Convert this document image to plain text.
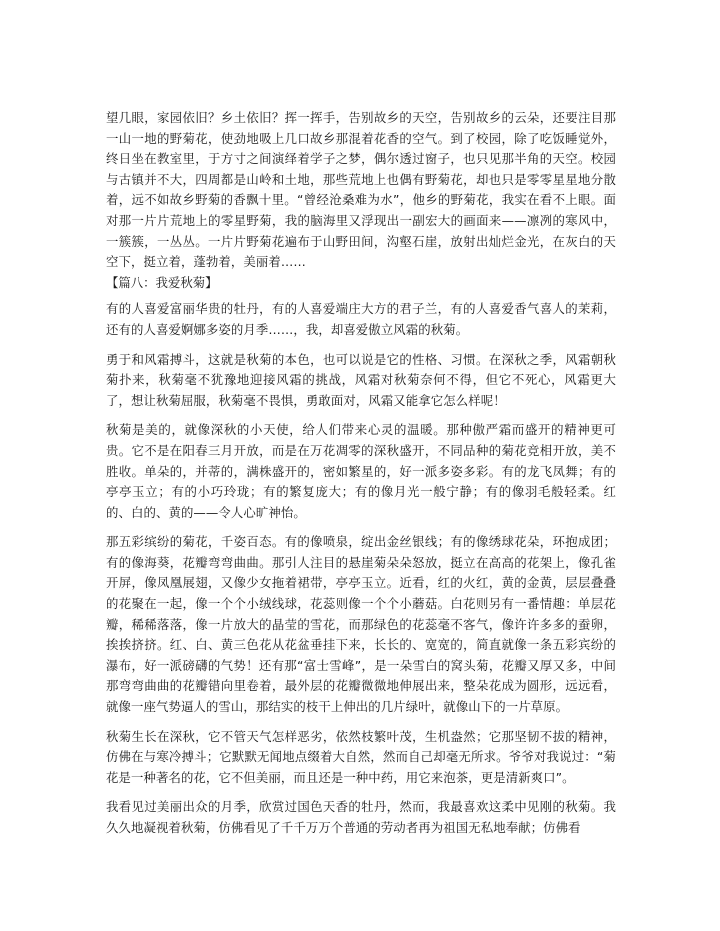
望几眼，家园依旧？乡土依旧？挥一挥手，告别故乡的天空，告别故乡的云朵，还要注目那一山一地的野菊花，使劲地吸上几口故乡那混着花香的空气。到了校园，除了吃饭睡觉外，终日坐在教室里，于方寸之间演绎着学子之梦，偶尔透过窗子，也只见那半角的天空。校园与古镇并不大，四周都是山岭和土地，那些荒地上也偶有野菊花，却也只是零零星星地分散着，远不如故乡野菊的香飘十里。“曾经沧桑难为水”，他乡的野菊花，我实在看不上眼。面对那一片片荒地上的零星野菊，我的脑海里又浮现出一副宏大的画面来——凛冽的寒风中，一簇簇，一丛丛。一片片野菊花遍布于山野田间，沟壑石崖，放射出灿烂金光，在灰白的天空下，挺立着，蓬勃着，美丽着……

【篇八：我爱秋菊】

有的人喜爱富丽华贵的牡丹，有的人喜爱端庄大方的君子兰，有的人喜爱香气喜人的茉莉，还有的人喜爱婀娜多姿的月季……，我，却喜爱傲立风霜的秋菊。

勇于和风霜搏斗，这就是秋菊的本色，也可以说是它的性格、习惯。在深秋之季，风霜朝秋菊扑来，秋菊毫不犹豫地迎接风霜的挑战，风霜对秋菊奈何不得，但它不死心，风霜更大了，想让秋菊屈服，秋菊毫不畏惧，勇敢面对，风霜又能拿它怎么样呢！

秋菊是美的，就像深秋的小天使，给人们带来心灵的温暖。那种傲严霜而盛开的精神更可贵。它不是在阳春三月开放，而是在万花凋零的深秋盛开，不同品种的菊花竞相开放，美不胜收。单朵的，并蒂的，满株盛开的，密如繁星的，好一派多姿多彩。有的龙飞凤舞；有的亭亭玉立；有的小巧玲珑；有的繁复庞大；有的像月光一般宁静；有的像羽毛般轻柔。红的、白的、黄的——令人心旷神怡。

那五彩缤纷的菊花，千姿百态。有的像喷泉，绽出金丝银线；有的像绣球花朵，环抱成团；有的像海葵，花瓣弯弯曲曲。那引人注目的悬崖菊朵朵怒放，挺立在高高的花架上，像孔雀开屏，像凤凰展翅，又像少女拖着裙带，亭亭玉立。近看，红的火红，黄的金黄，层层叠叠的花聚在一起，像一个个小绒线球，花蕊则像一个个小蘑菇。白花则另有一番情趣：单层花瓣，稀稀落落，像一片放大的晶莹的雪花，而那绿色的花蕊毫不客气，像许许多多的蚕卵，挨挨挤挤。红、白、黄三色花从花盆垂挂下来，长长的、宽宽的，简直就像一条五彩宾纷的瀑布，好一派磅礴的气势！还有那“富士雪峰”，是一朵雪白的窝头菊，花瓣又厚又多，中间那弯弯曲曲的花瓣错向里卷着，最外层的花瓣微微地伸展出来，整朵花成为圆形，远远看，就像一座气势逼人的雪山，那结实的枝干上伸出的几片绿叶，就像山下的一片草原。

秋菊生长在深秋，它不管天气怎样恶劣，依然枝繁叶茂，生机盎然；它那坚韧不拔的精神，仿佛在与寒冷搏斗；它默默无闻地点缀着大自然，然而自己却毫无所求。爷爷对我说过：“菊花是一种著名的花，它不但美丽，而且还是一种中药，用它来泡茶，更是清新爽口”。

我看见过美丽出众的月季，欣赏过国色天香的牡丹，然而，我最喜欢这柔中见刚的秋菊。我久久地凝视着秋菊，仿佛看见了千千万万个普通的劳动者再为祖国无私地奉献；仿佛看
